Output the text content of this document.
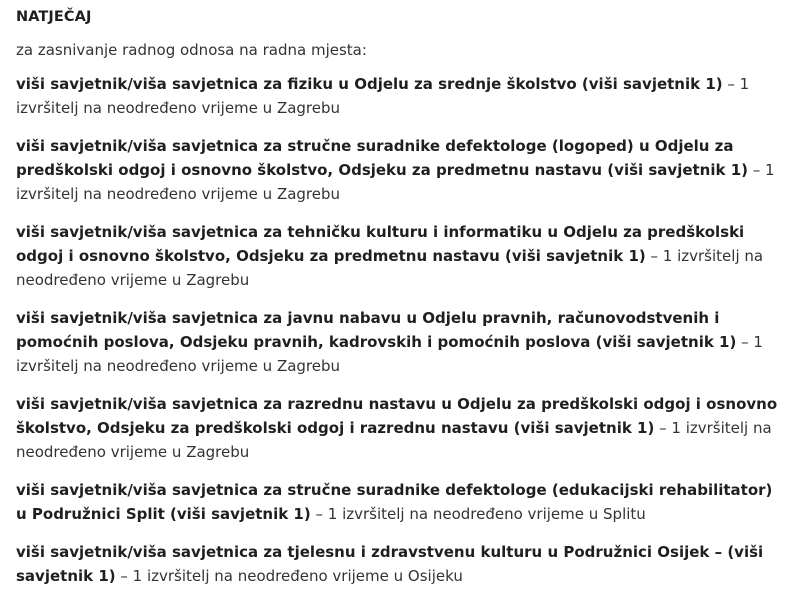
NATJEČAJ
za zasnivanje radnog odnosa na radna mjesta:

viši savjetnik/viša savjetnica za fiziku u Odjelu za srednje školstvo (viši savjetnik 1) – 1 izvršitelj na neodređeno vrijeme u Zagrebu

viši savjetnik/viša savjetnica za stručne suradnike defektologe (logoped) u Odjelu za predškolski odgoj i osnovno školstvo, Odsjeku za predmetnu nastavu (viši savjetnik 1) – 1 izvršitelj na neodređeno vrijeme u Zagrebu

viši savjetnik/viša savjetnica za tehničku kulturu i informatiku u Odjelu za predškolski odgoj i osnovno školstvo, Odsjeku za predmetnu nastavu (viši savjetnik 1) – 1 izvršitelj na neodređeno vrijeme u Zagrebu

viši savjetnik/viša savjetnica za javnu nabavu u Odjelu pravnih, računovodstvenih i pomoćnih poslova, Odsjeku pravnih, kadrovskih i pomoćnih poslova (viši savjetnik 1) – 1 izvršitelj na neodređeno vrijeme u Zagrebu

viši savjetnik/viša savjetnica za razrednu nastavu u Odjelu za predškolski odgoj i osnovno školstvo, Odsjeku za predškolski odgoj i razrednu nastavu (viši savjetnik 1) – 1 izvršitelj na neodređeno vrijeme u Zagrebu

viši savjetnik/viša savjetnica za stručne suradnike defektologe (edukacijski rehabilitator) u Podružnici Split (viši savjetnik 1) – 1 izvršitelj na neodređeno vrijeme u Splitu

viši savjetnik/viša savjetnica za tjelesnu i zdravstvenu kulturu u Podružnici Osijek – (viši savjetnik 1) – 1 izvršitelj na neodređeno vrijeme u Osijeku
